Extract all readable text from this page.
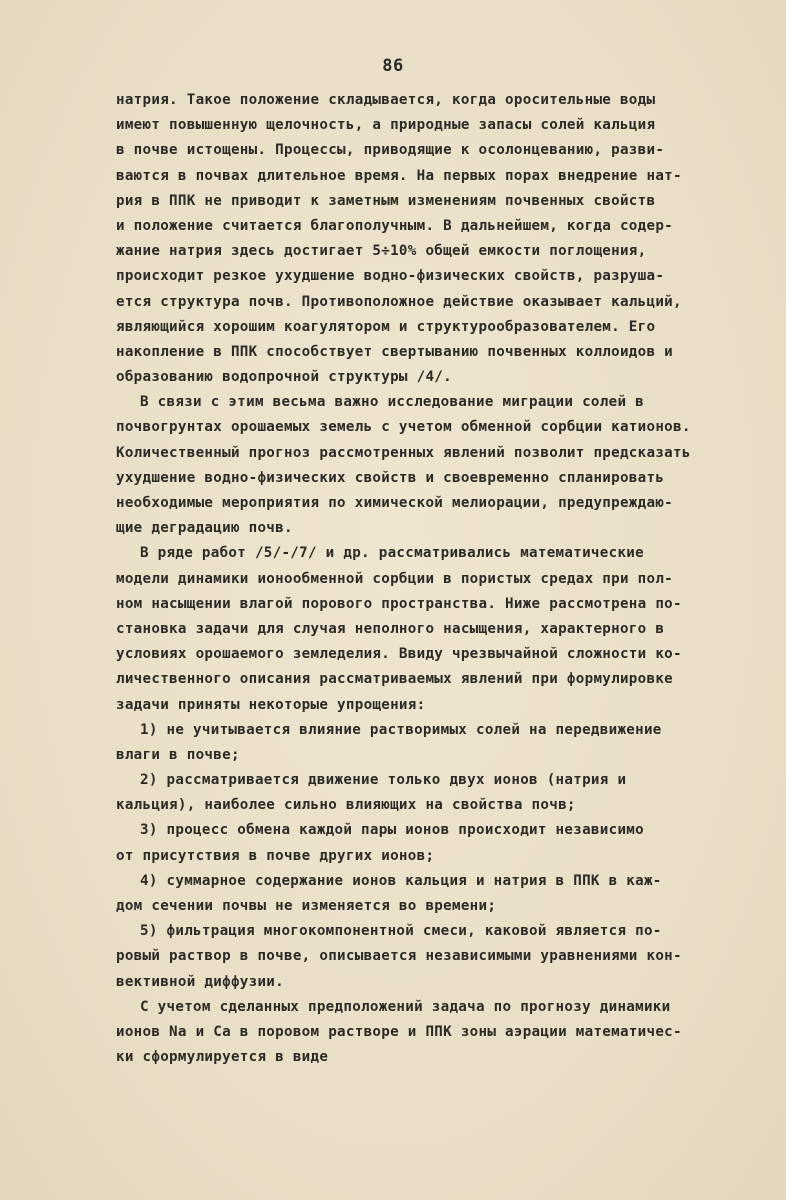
86
натрия. Такое положение складывается, когда оросительные воды
имеют повышенную щелочность, а природные запасы солей кальция
в почве истощены. Процессы, приводящие к осолонцеванию, разви-
ваются в почвах длительное время. На первых порах внедрение нат-
рия в ППК не приводит к заметным изменениям почвенных свойств
и положение считается благополучным. В дальнейшем, когда содер-
жание натрия здесь достигает 5÷10% общей емкости поглощения,
происходит резкое ухудшение водно-физических свойств, разруша-
ется структура почв. Противоположное действие оказывает кальций,
являющийся хорошим коагулятором и структурообразователем. Его
накопление в ППК способствует свертыванию почвенных коллоидов и
образованию водопрочной структуры /4/.
В связи с этим весьма важно исследование миграции солей в
почвогрунтах орошаемых земель с учетом обменной сорбции катионов.
Количественный прогноз рассмотренных явлений позволит предсказать
ухудшение водно-физических свойств и своевременно спланировать
необходимые мероприятия по химической мелиорации, предупреждаю-
щие деградацию почв.
В ряде работ /5/-/7/ и др. рассматривались математические
модели динамики ионообменной сорбции в пористых средах при пол-
ном насыщении влагой порового пространства. Ниже рассмотрена по-
становка задачи для случая неполного насыщения, характерного в
условиях орошаемого земледелия. Ввиду чрезвычайной сложности ко-
личественного описания рассматриваемых явлений при формулировке
задачи приняты некоторые упрощения:
1) не учитывается влияние растворимых солей на передвижение
влаги в почве;
2) рассматривается движение только двух ионов (натрия и
кальция), наиболее сильно влияющих на свойства почв;
3) процесс обмена каждой пары ионов происходит независимо
от присутствия в почве других ионов;
4) суммарное содержание ионов кальция и натрия в ППК в каж-
дом сечении почвы не изменяется во времени;
5) фильтрация многокомпонентной смеси, каковой является по-
ровый раствор в почве, описывается независимыми уравнениями кон-
вективной диффузии.
С учетом сделанных предположений задача по прогнозу динамики
ионов Na и Ca в поровом растворе и ППК зоны аэрации математичес-
ки сформулируется в виде
